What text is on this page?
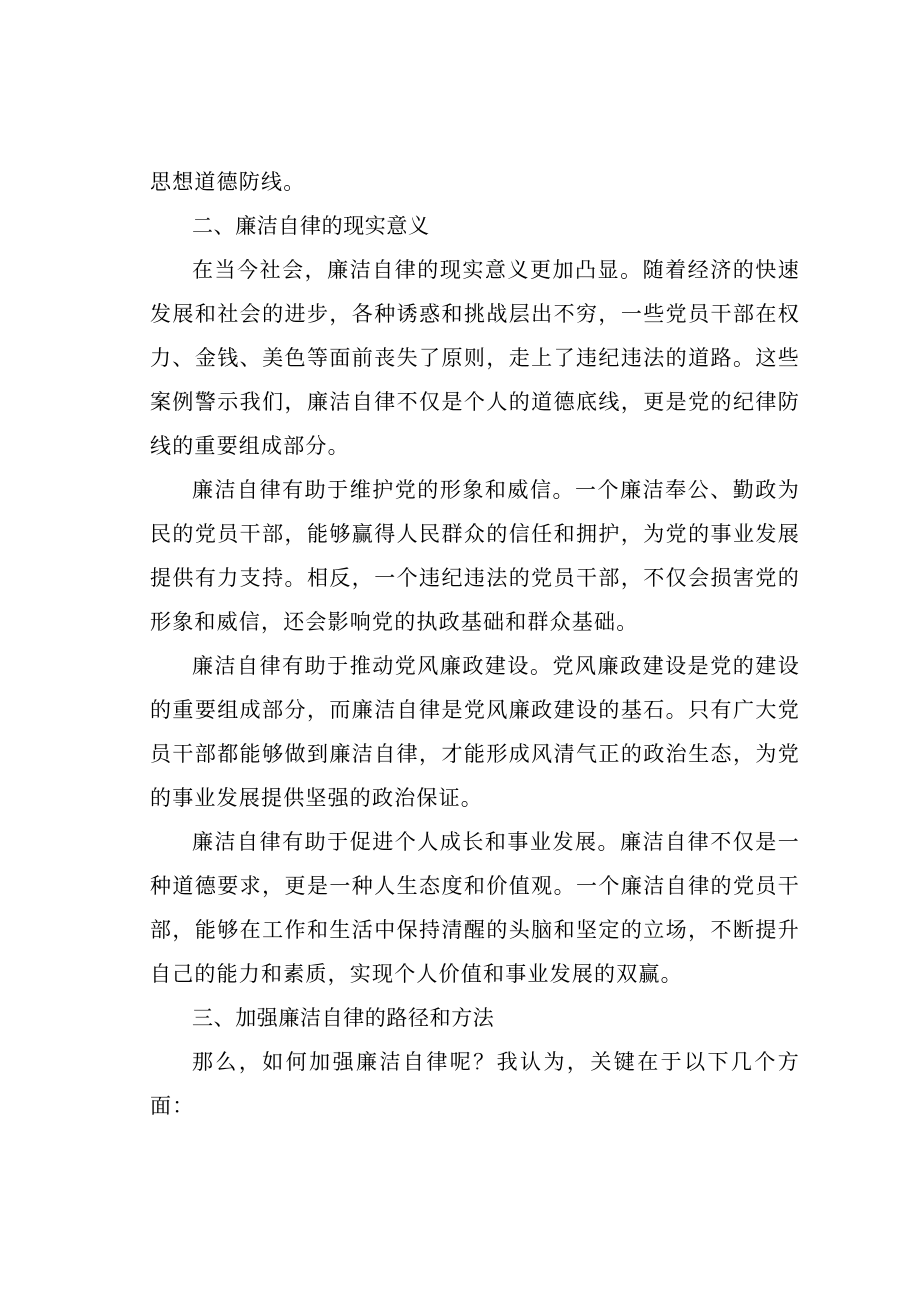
思想道德防线。

二、廉洁自律的现实意义

在当今社会，廉洁自律的现实意义更加凸显。随着经济的快速发展和社会的进步，各种诱惑和挑战层出不穷，一些党员干部在权力、金钱、美色等面前丧失了原则，走上了违纪违法的道路。这些案例警示我们，廉洁自律不仅是个人的道德底线，更是党的纪律防线的重要组成部分。

廉洁自律有助于维护党的形象和威信。一个廉洁奉公、勤政为民的党员干部，能够赢得人民群众的信任和拥护，为党的事业发展提供有力支持。相反，一个违纪违法的党员干部，不仅会损害党的形象和威信，还会影响党的执政基础和群众基础。

廉洁自律有助于推动党风廉政建设。党风廉政建设是党的建设的重要组成部分，而廉洁自律是党风廉政建设的基石。只有广大党员干部都能够做到廉洁自律，才能形成风清气正的政治生态，为党的事业发展提供坚强的政治保证。

廉洁自律有助于促进个人成长和事业发展。廉洁自律不仅是一种道德要求，更是一种人生态度和价值观。一个廉洁自律的党员干部，能够在工作和生活中保持清醒的头脑和坚定的立场，不断提升自己的能力和素质，实现个人价值和事业发展的双赢。

三、加强廉洁自律的路径和方法

那么，如何加强廉洁自律呢？我认为，关键在于以下几个方面：
